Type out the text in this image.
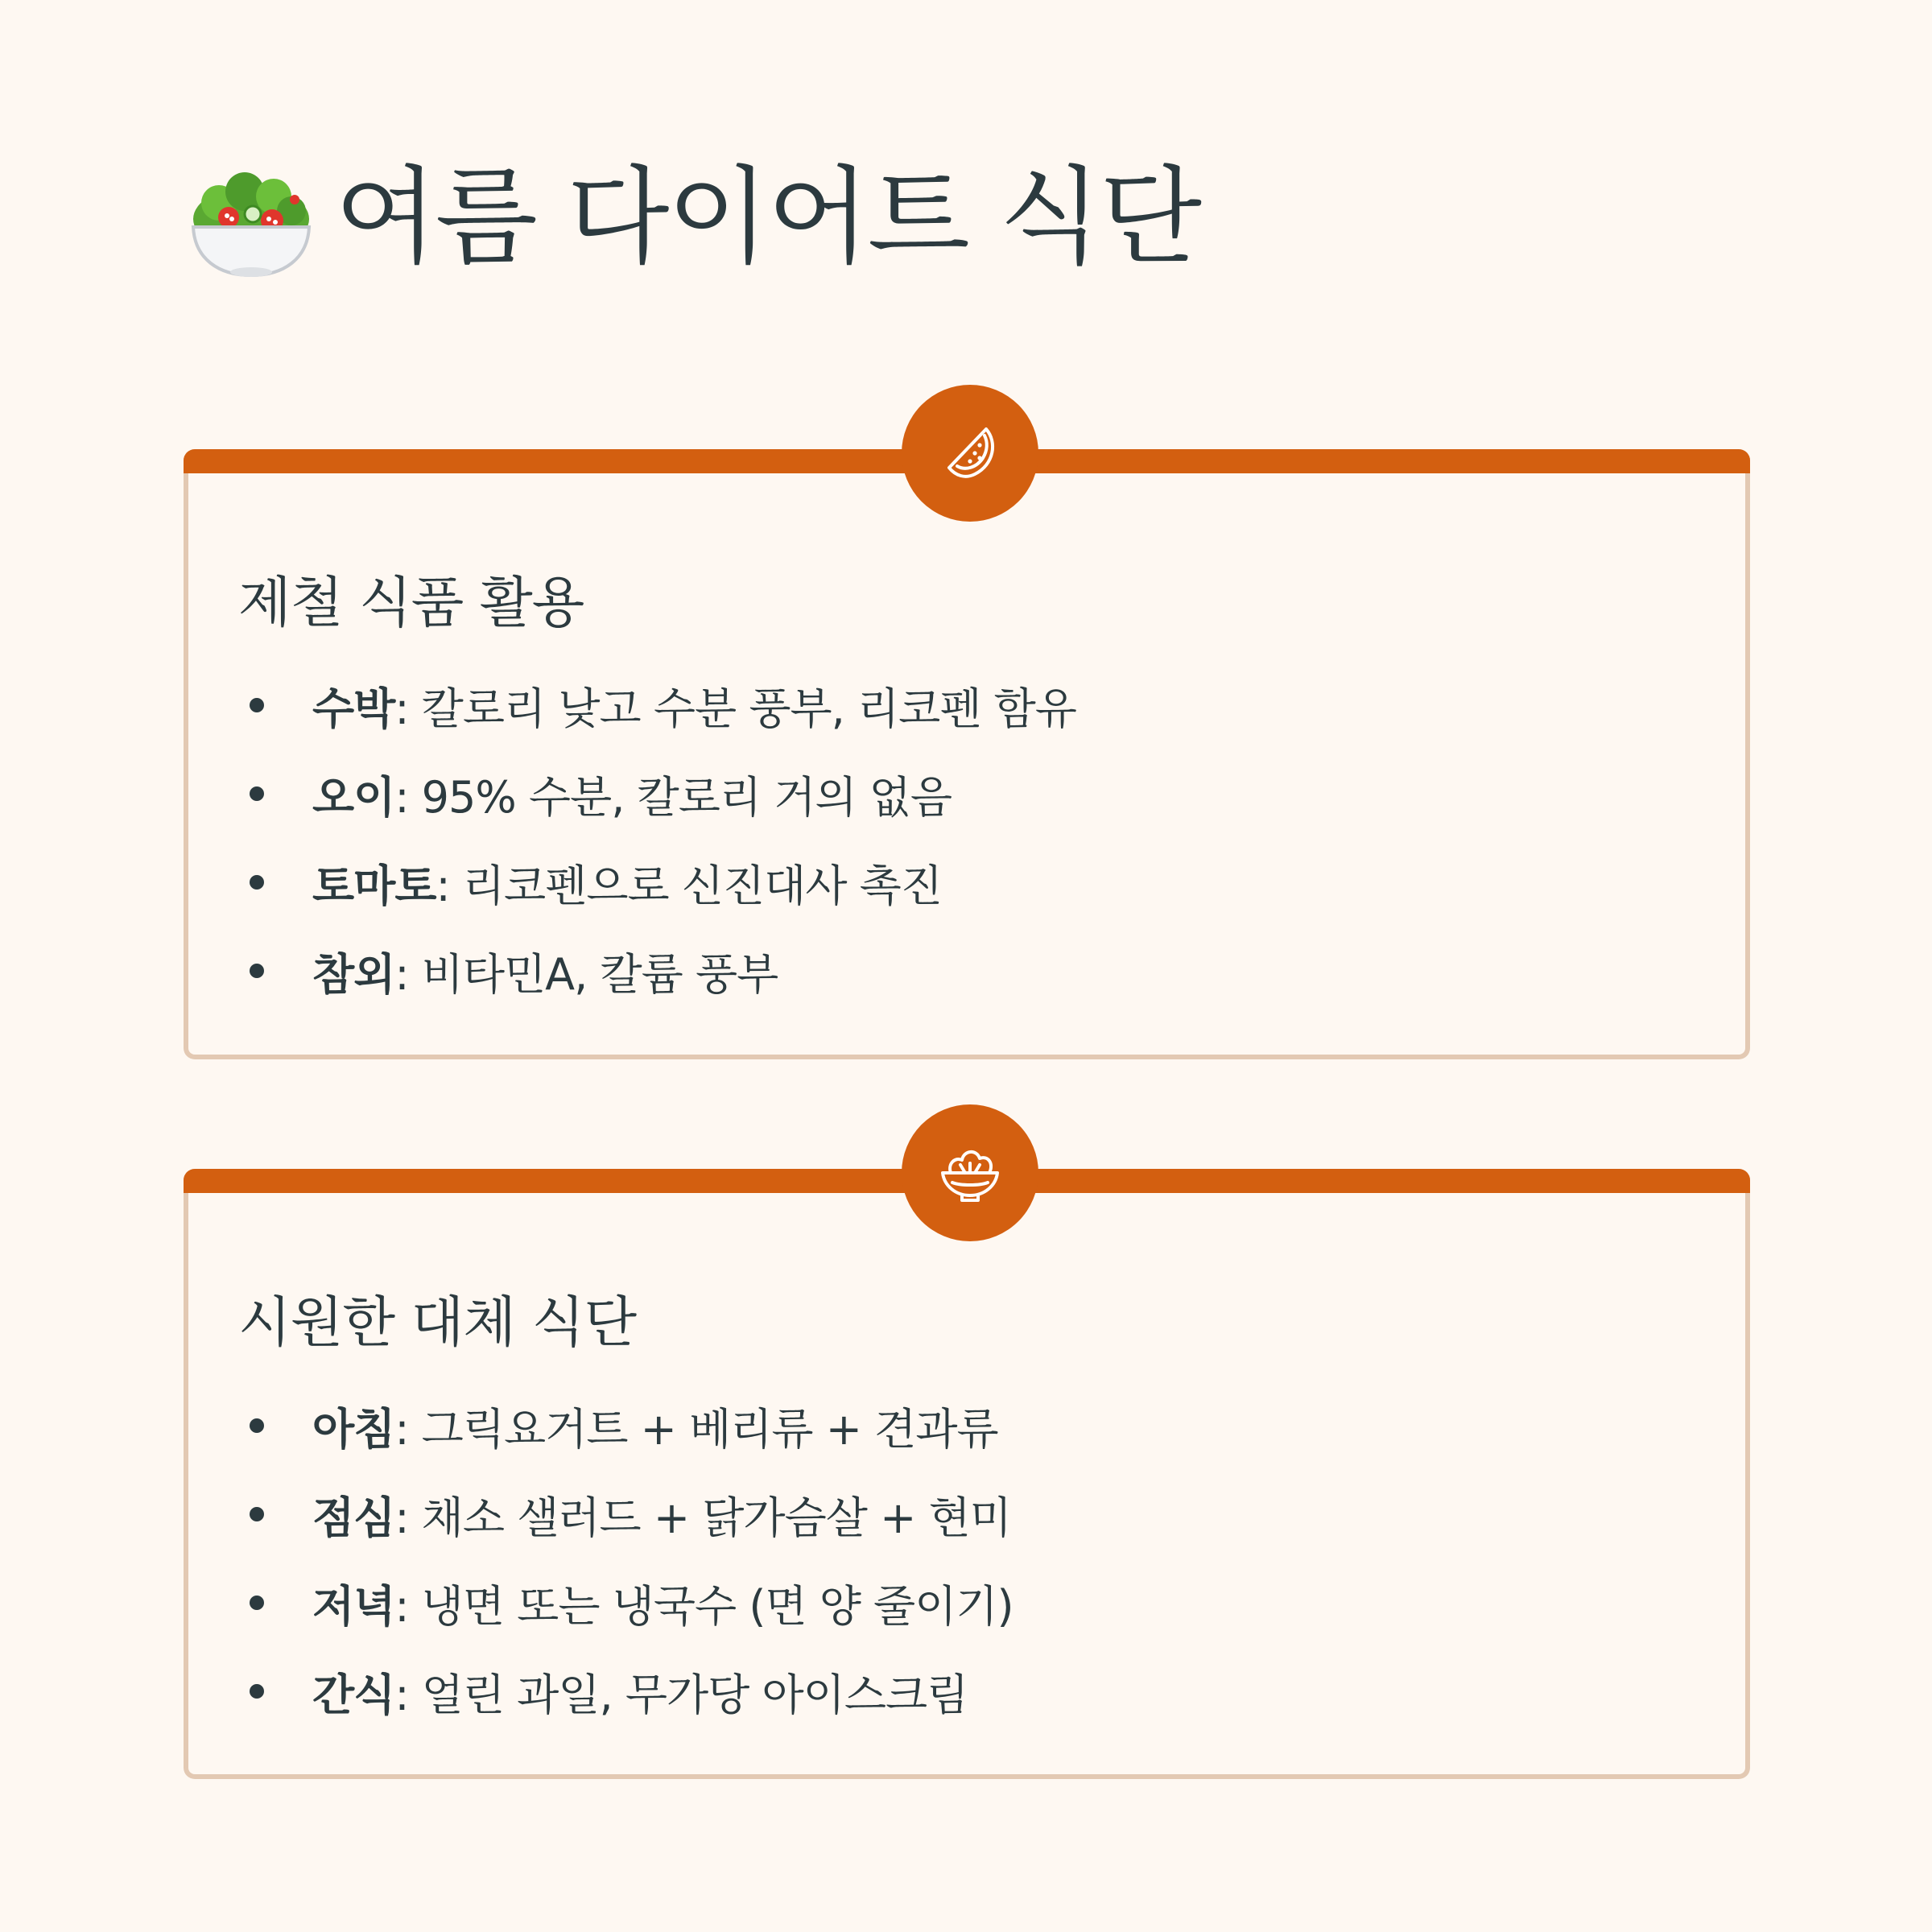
여름 다이어트 식단
제철 식품 활용
수박: 칼로리 낮고 수분 풍부, 리코펜 함유
오이: 95% 수분, 칼로리 거의 없음
토마토: 리코펜으로 신진대사 촉진
참외: 비타민A, 칼륨 풍부
시원한 대체 식단
아침: 그릭요거트 + 베리류 + 견과류
점심: 채소 샐러드 + 닭가슴살 + 현미
저녁: 냉면 또는 냉국수 (면 양 줄이기)
간식: 얼린 과일, 무가당 아이스크림
